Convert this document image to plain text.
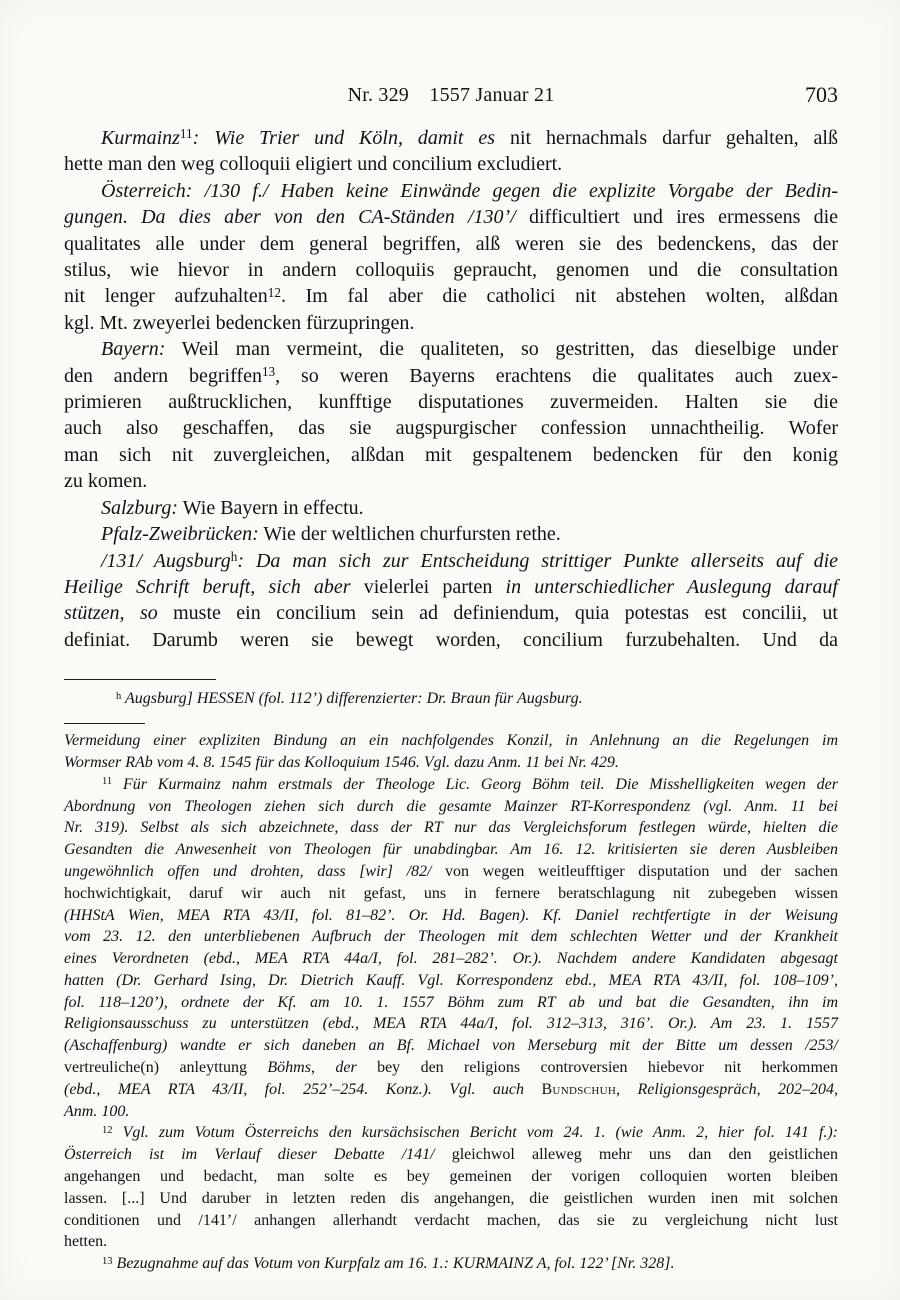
Nr. 329  1557 Januar 21	703
Kurmainz$^{11}$: Wie Trier und Köln, damit es nit hernachmals darfur gehalten, alß
hette man den weg colloquii eligiert und concilium excludiert.
Österreich: /130 f./ Haben keine Einwände gegen die explizite Vorgabe der Bedin-
gungen. Da dies aber von den CA-Ständen /130’/ difficultiert und ires ermessens die
qualitates alle under dem general begriffen, alß weren sie des bedenckens, das der
stilus, wie hievor in andern colloquiis gepraucht, genomen und die consultation
nit lenger aufzuhalten$^{12}$. Im fal aber die catholici nit abstehen wolten, alßdan
kgl. Mt. zweyerlei bedencken fürzupringen.
Bayern: Weil man vermeint, die qualiteten, so gestritten, das dieselbige under
den andern begriffen$^{13}$, so weren Bayerns erachtens die qualitates auch zuex-
primieren außtrucklichen, kunfftige disputationes zuvermeiden. Halten sie die
auch also geschaffen, das sie augspurgischer confession unnachtheilig. Wofer
man sich nit zuvergleichen, alßdan mit gespaltenem bedencken für den konig
zu komen.
Salzburg: Wie Bayern in effectu.
Pfalz-Zweibrücken: Wie der weltlichen churfursten rethe.
/131/ Augsburg$^h$: Da man sich zur Entscheidung strittiger Punkte allerseits auf die
Heilige Schrift beruft, sich aber vielerlei parten in unterschiedlicher Auslegung darauf
stützen, so muste ein concilium sein ad definiendum, quia potestas est concilii, ut
definiat. Darumb weren sie bewegt worden, concilium furzubehalten. Und da
$^h$ Augsburg] HESSEN (fol. 112’) differenzierter: Dr. Braun für Augsburg.
Vermeidung einer expliziten Bindung an ein nachfolgendes Konzil, in Anlehnung an die Regelungen im
Wormser RAb vom 4. 8. 1545 für das Kolloquium 1546. Vgl. dazu Anm. 11 bei Nr. 429.
$^{11}$ Für Kurmainz nahm erstmals der Theologe Lic. Georg Böhm teil. Die Misshelligkeiten wegen der
Abordnung von Theologen ziehen sich durch die gesamte Mainzer RT-Korrespondenz (vgl. Anm. 11 bei
Nr. 319). Selbst als sich abzeichnete, dass der RT nur das Vergleichsforum festlegen würde, hielten die
Gesandten die Anwesenheit von Theologen für unabdingbar. Am 16. 12. kritisierten sie deren Ausbleiben
ungewöhnlich offen und drohten, dass [wir] /82/ von wegen weitleufftiger disputation und der sachen
hochwichtigkait, daruf wir auch nit gefast, uns in fernere beratschlagung nit zubegeben wissen
(HHStA Wien, MEA RTA 43/II, fol. 81–82’. Or. Hd. Bagen). Kf. Daniel rechtfertigte in der Weisung
vom 23. 12. den unterbliebenen Aufbruch der Theologen mit dem schlechten Wetter und der Krankheit
eines Verordneten (ebd., MEA RTA 44a/I, fol. 281–282’. Or.). Nachdem andere Kandidaten abgesagt
hatten (Dr. Gerhard Ising, Dr. Dietrich Kauff. Vgl. Korrespondenz ebd., MEA RTA 43/II, fol. 108–109’,
fol. 118–120’), ordnete der Kf. am 10. 1. 1557 Böhm zum RT ab und bat die Gesandten, ihn im
Religionsausschuss zu unterstützen (ebd., MEA RTA 44a/I, fol. 312–313, 316’. Or.). Am 23. 1. 1557
(Aschaffenburg) wandte er sich daneben an Bf. Michael von Merseburg mit der Bitte um dessen /253/
vertreuliche(n) anleyttung Böhms, der bey den religions controversien hiebevor nit herkommen
(ebd., MEA RTA 43/II, fol. 252’–254. Konz.). Vgl. auch Bundschuh, Religionsgespräch, 202–204,
Anm. 100.
$^{12}$ Vgl. zum Votum Österreichs den kursächsischen Bericht vom 24. 1. (wie Anm. 2, hier fol. 141 f.):
Österreich ist im Verlauf dieser Debatte /141/ gleichwol alleweg mehr uns dan den geistlichen
angehangen und bedacht, man solte es bey gemeinen der vorigen colloquien worten bleiben
lassen. [...] Und daruber in letzten reden dis angehangen, die geistlichen wurden inen mit solchen
conditionen und /141’/ anhangen allerhandt verdacht machen, das sie zu vergleichung nicht lust
hetten.
$^{13}$ Bezugnahme auf das Votum von Kurpfalz am 16. 1.: KURMAINZ A, fol. 122’ [Nr. 328].
